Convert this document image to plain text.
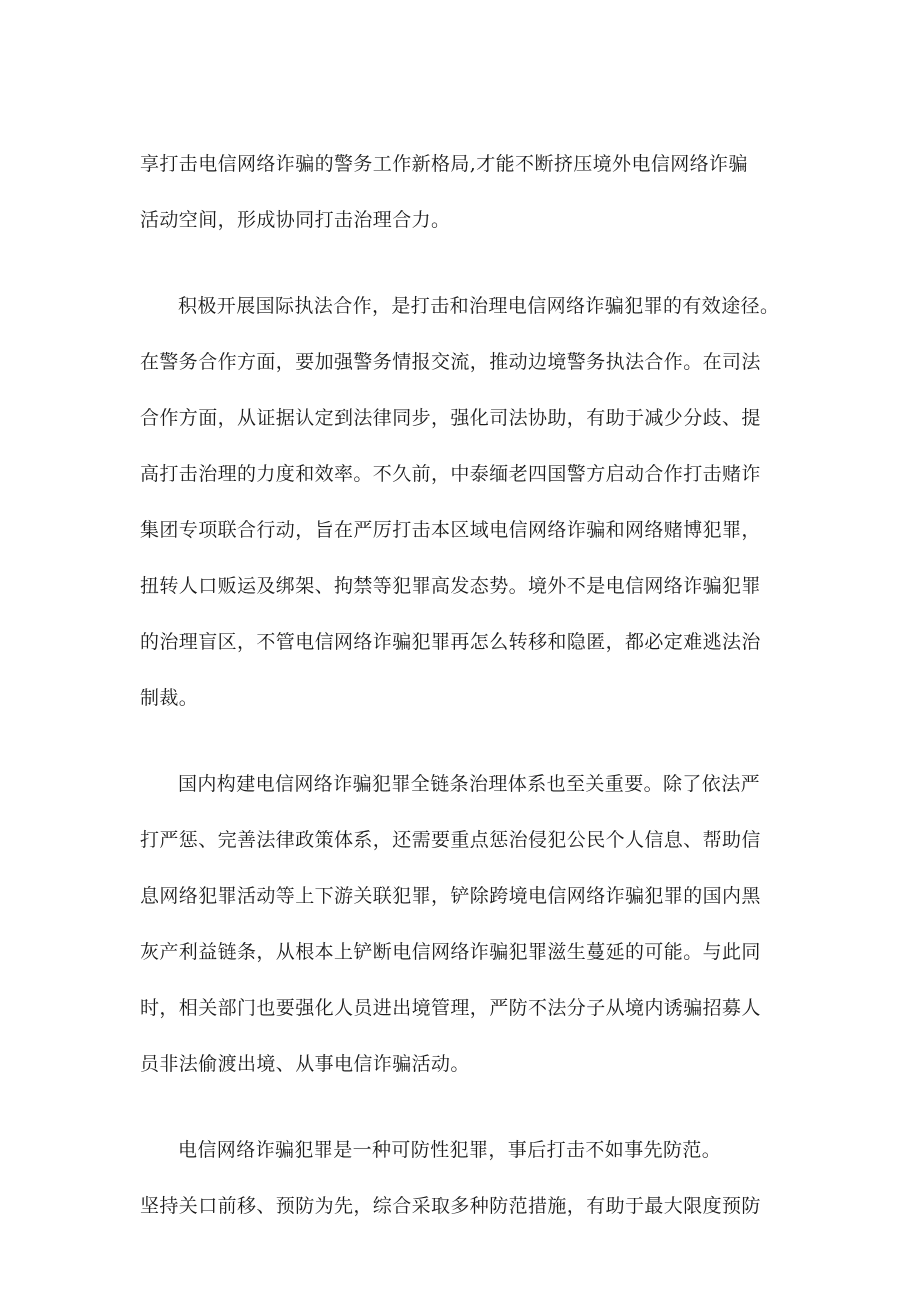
享打击电信网络诈骗的警务工作新格局,才能不断挤压境外电信网络诈骗
活动空间，形成协同打击治理合力。
积极开展国际执法合作，是打击和治理电信网络诈骗犯罪的有效途径。
在警务合作方面，要加强警务情报交流，推动边境警务执法合作。在司法
合作方面，从证据认定到法律同步，强化司法协助，有助于减少分歧、提
高打击治理的力度和效率。不久前，中泰缅老四国警方启动合作打击赌诈
集团专项联合行动，旨在严厉打击本区域电信网络诈骗和网络赌博犯罪，
扭转人口贩运及绑架、拘禁等犯罪高发态势。境外不是电信网络诈骗犯罪
的治理盲区，不管电信网络诈骗犯罪再怎么转移和隐匿，都必定难逃法治
制裁。
国内构建电信网络诈骗犯罪全链条治理体系也至关重要。除了依法严
打严惩、完善法律政策体系，还需要重点惩治侵犯公民个人信息、帮助信
息网络犯罪活动等上下游关联犯罪，铲除跨境电信网络诈骗犯罪的国内黑
灰产利益链条，从根本上铲断电信网络诈骗犯罪滋生蔓延的可能。与此同
时，相关部门也要强化人员进出境管理，严防不法分子从境内诱骗招募人
员非法偷渡出境、从事电信诈骗活动。
电信网络诈骗犯罪是一种可防性犯罪，事后打击不如事先防范。
坚持关口前移、预防为先，综合采取多种防范措施，有助于最大限度预防
